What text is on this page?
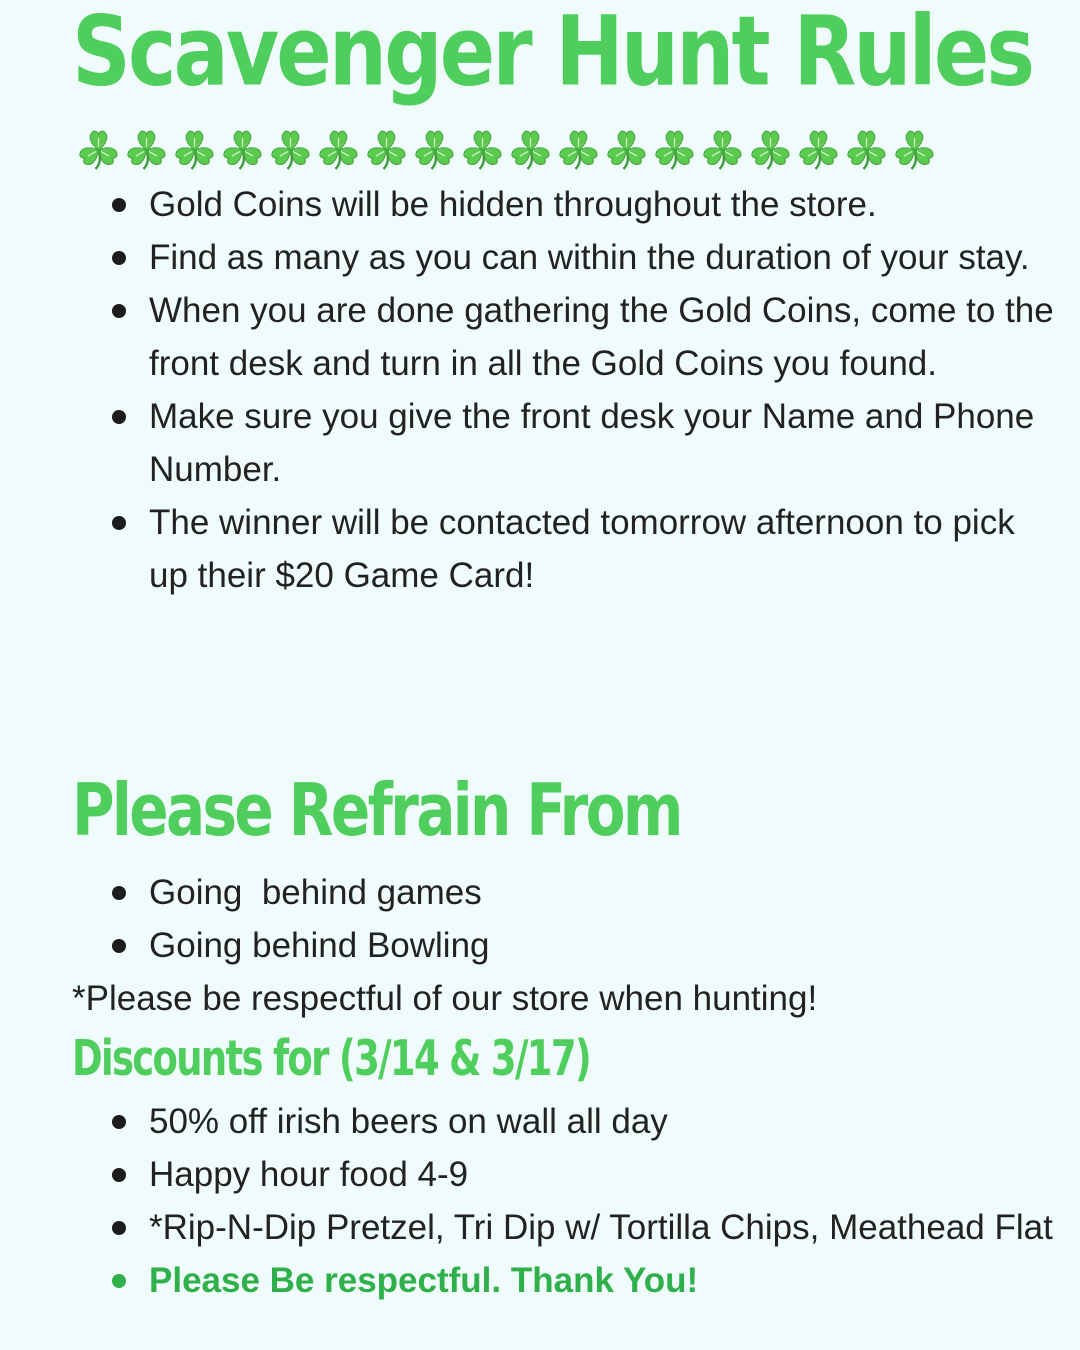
Scavenger Hunt Rules
Gold Coins will be hidden throughout the store.
Find as many as you can within the duration of your stay.
When you are done gathering the Gold Coins, come to the front desk and turn in all the Gold Coins you found.
Make sure you give the front desk your Name and Phone Number.
The winner will be contacted tomorrow afternoon to pick up their $20 Game Card!
Please Refrain From
Going  behind games
Going behind Bowling

*Please be respectful of our store when hunting!

Discounts for (3/14 & 3/17)
50% off irish beers on wall all day
Happy hour food 4-9
*Rip-N-Dip Pretzel, Tri Dip w/ Tortilla Chips, Meathead Flat
Please Be respectful. Thank You!
